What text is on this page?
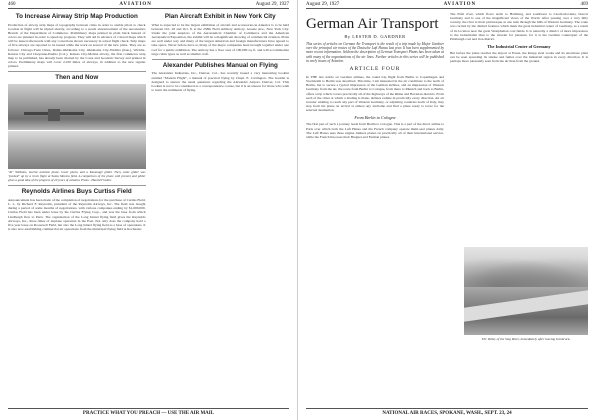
460	AVIATION	August 29, 1927
To Increase Airway Strip Map Production

Production of airway strip maps of topography between cities in order to enable pilots to check location in flight will be tripled shortly, according to a recent announcement of the Aeronautics Branch of the Department of Commerce. Preliminary maps printed in plain black instead of colors are planned in order to speed up progress. They will aid in advance of colored maps which will be issued afterwards with any corrections shown necessary in actual flight check. Strip maps of five airways are reported to be issued while the work on several of the new plans. They are as follows: Chicago-Twin Cities, Dallas-Oklahoma City, Oklahoma City-Wichita (Kan.), Wichita-Kansas City and Cheyenne-Pueblo (Col.). Kansas City-Moline airway, the first commerce strip map to be published, has already been charted by the Coast and Geodetic Survey and printed in colors. Preliminary maps will cover 2,100 miles of airways, in addition to the new regular printed.

Then and Now

"Al" Williams, marine aviation plane, lower photo, and a Kavanagh glider. Then, same glider was "pushed" up by a truck flight at Santa Monica field. A comparison of the plane with present and glider gives a good idea of the progress of 20 years of aviation. Photo - Harold Fradier.

Reynolds Airlines Buys Curtiss Field

Announcement has been made of the completion of negotiations for the purchase of Curtiss Field, L. I., by Richard F. Reynolds, president of the Reynolds Airways, Inc. The field was bought during a period of some months of negotiations, with various companies ending by $1,000,000. Curtiss Field has been under lease by the Curtiss Flying Corp., and was the base from which Lindbergh flew to Paris. The organization of the Long Island flying field gives the Reynolds Airways, Inc., three times of airplane operation in the East. Not only does the company hold a five year lease on Roosevelt Field, but also the Long Island flying field as a base of operations. It is also now establishing commercial air operations from the municipal flying field at Rochester.

Plan Aircraft Exhibit in New York City

What is expected to be the largest exhibition of aircraft and accessories in America is to be held between Oct. 20 and Oct. 8, at the 258th Field Artillery Armory, Greene Ave., New York City. Under the joint auspices of the Aeronautical Chamber of Commerce and the American Aeronautical Exposition, the exhibit will be a magnificent showing of commercial aviation. Plans are well under way and many of the largest American and foreign manufacturers have agreed to take space. Never before have so many of the major companies been brought together under one roof for a public exhibition. The Armory has a floor area of 100,000 sq. ft. and will accommodate large cabin types as well as smaller craft.

Alexander Publishes Manual on Flying

The Alexander Industries, Inc., Denver, Col., has recently issued a very interesting booklet entitled "Modern Flight", a manual of practical flying by Chapl. E. Carrington. The booklet is designed to answer the usual questions regarding the Alexander Airport, Denver, Col. This booklet is not to be considered as a correspondence course, but it is an answer for those who wish to learn the rudiments of flying.

PRACTICE WHAT YOU PREACH — USE THE AIR MAIL
August 29, 1927	AVIATION	469
German Air Transport
By LESTER D. GARDNER

This series of articles on German Air Transport is the result of a trip made by Major Gardner over the principal air routes of the Deutsche Luft Hansa last year. It has been supplemented by more recent information. Seldom the description of German Transport Plants has been taken at with many of the organizations of the air lines. Further articles in this series will be published in early issues of Aviation.

ARTICLE FOUR

In THE last article on German airlines, the round trip flight from Berlin to Copenhagen and Stockholm to Berlin was described. This time, I am interested in the air conditions to the north of Berlin, but to secure a typical impression of the German airlines, and an impression of Western Germany from the air, the route from Berlin to Cologne, from there to Munich and back to Berlin, offers a trip which covers practically all of the highways of the Rhine and Bavarian districts. From each of the cities at which a landing is made, airlines radiate in practically every direction. An air traveler wishing to reach any part of Western Germany, or adjoining countries north of Italy, may step from his plane on arrival at almost any airdrome and find a plane ready to leave for the selected destination.

From Berlin to Cologne

The first part of such a journey leads from Berlin to Cologne. This is a part of the direct airline to Paris over which both the Luft Hansa and the French company operate multi-seat planes daily. The Luft Hansa uses three engine Junkers planes on practically all of their international service, while the French line uses their Breguet and Farman planes.

The Eifel river, which flows north to Hamburg, and southwest to Czechoslovakia, bisects Germany and is one of the magnificent views of the World. After passing over a very hilly country, the river is most picturesque as one runs through the hills of Western Germany. The route was carried by the distinct features which mark the great industrial center of Germany, as a result of its location near the great Westphalian coal fields. It is naturally a district of more importance to the industrialist than to the traveler for pleasure, for it is the German counterpart of the Pittsburgh coal and iron district.

The Industrial Center of Germany

But before the plane reaches the airport at Essen, the Krupp steel works and its enormous plant can be seen spreading its smoke and fumes over the industrial region in every direction. It is perhaps more pleasantly seen from the air than from the ground.

NATIONAL AIR RACES, SPOKANE, WASH., SEPT. 23, 24
The Valley of the Sieg River, immediately after leaving Innsbruck.
